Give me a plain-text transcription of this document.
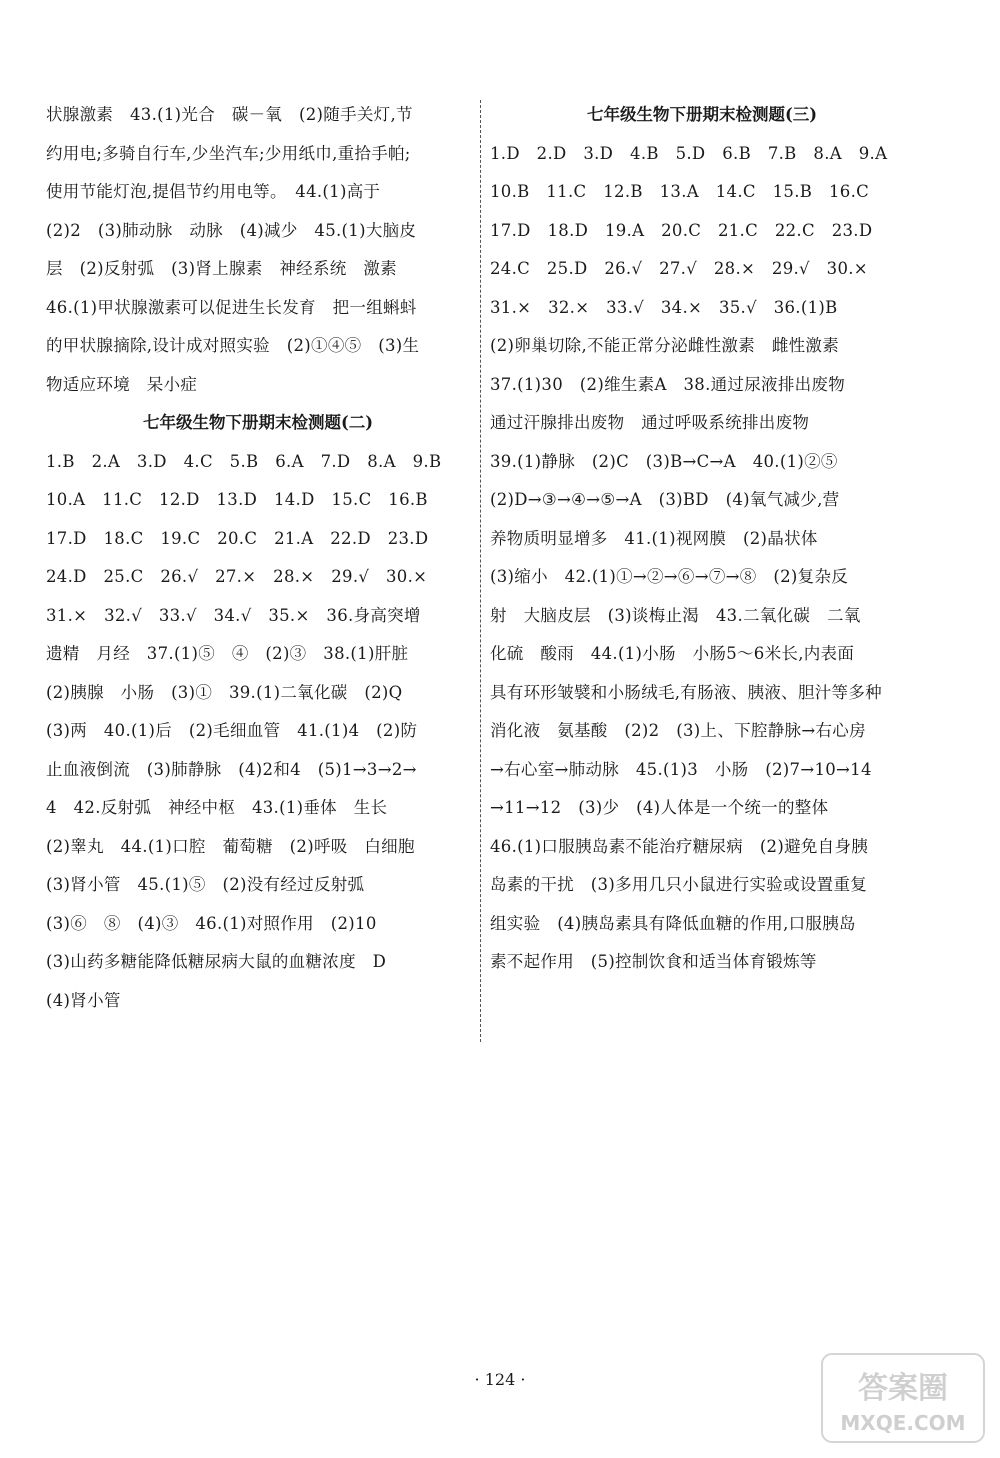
状腺激素　43.(1)光合　碳－氧　(2)随手关灯,节
约用电;多骑自行车,少坐汽车;少用纸巾,重拾手帕;
使用节能灯泡,提倡节约用电等。　44.(1)高于
(2)2　(3)肺动脉　动脉　(4)减少　45.(1)大脑皮
层　(2)反射弧　(3)肾上腺素　神经系统　激素
46.(1)甲状腺激素可以促进生长发育　把一组蝌蚪
的甲状腺摘除,设计成对照实验　(2)①④⑤　(3)生
物适应环境　呆小症
七年级生物下册期末检测题(二)
1.B　2.A　3.D　4.C　5.B　6.A　7.D　8.A　9.B
10.A　11.C　12.D　13.D　14.D　15.C　16.B
17.D　18.C　19.C　20.C　21.A　22.D　23.D
24.D　25.C　26.√　27.×　28.×　29.√　30.×
31.×　32.√　33.√　34.√　35.×　36.身高突增
遗精　月经　37.(1)⑤　④　(2)③　38.(1)肝脏
(2)胰腺　小肠　(3)①　39.(1)二氧化碳　(2)Q
(3)两　40.(1)后　(2)毛细血管　41.(1)4　(2)防
止血液倒流　(3)肺静脉　(4)2和4　(5)1→3→2→
4　42.反射弧　神经中枢　43.(1)垂体　生长
(2)睾丸　44.(1)口腔　葡萄糖　(2)呼吸　白细胞
(3)肾小管　45.(1)⑤　(2)没有经过反射弧
(3)⑥　⑧　(4)③　46.(1)对照作用　(2)10
(3)山药多糖能降低糖尿病大鼠的血糖浓度　D
(4)肾小管
七年级生物下册期末检测题(三)
1.D　2.D　3.D　4.B　5.D　6.B　7.B　8.A　9.A
10.B　11.C　12.B　13.A　14.C　15.B　16.C
17.D　18.D　19.A　20.C　21.C　22.C　23.D
24.C　25.D　26.√　27.√　28.×　29.√　30.×
31.×　32.×　33.√　34.×　35.√　36.(1)B
(2)卵巢切除,不能正常分泌雌性激素　雌性激素
37.(1)30　(2)维生素A　38.通过尿液排出废物
通过汗腺排出废物　通过呼吸系统排出废物
39.(1)静脉　(2)C　(3)B→C→A　40.(1)②⑤
(2)D→③→④→⑤→A　(3)BD　(4)氧气减少,营
养物质明显增多　41.(1)视网膜　(2)晶状体
(3)缩小　42.(1)①→②→⑥→⑦→⑧　(2)复杂反
射　大脑皮层　(3)谈梅止渴　43.二氧化碳　二氧
化硫　酸雨　44.(1)小肠　小肠5～6米长,内表面
具有环形皱襞和小肠绒毛,有肠液、胰液、胆汁等多种
消化液　氨基酸　(2)2　(3)上、下腔静脉→右心房
→右心室→肺动脉　45.(1)3　小肠　(2)7→10→14
→11→12　(3)少　(4)人体是一个统一的整体
46.(1)口服胰岛素不能治疗糖尿病　(2)避免自身胰
岛素的干扰　(3)多用几只小鼠进行实验或设置重复
组实验　(4)胰岛素具有降低血糖的作用,口服胰岛
素不起作用　(5)控制饮食和适当体育锻炼等
· 124 ·	答案圈
MXQE.COM
